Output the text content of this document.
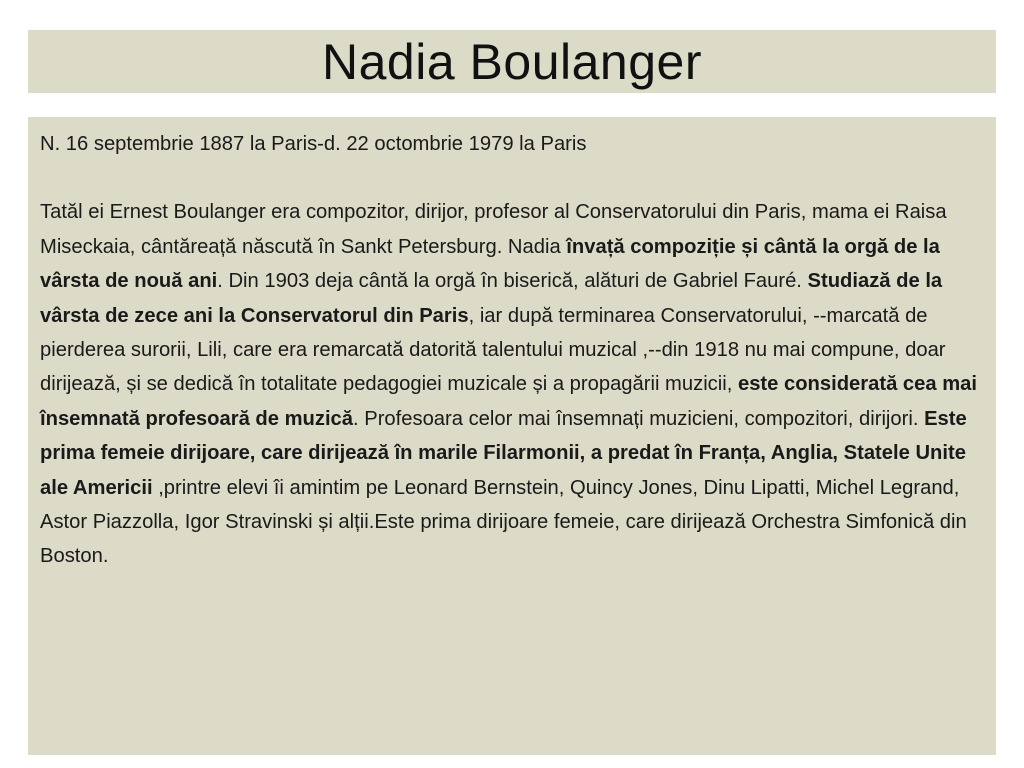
Nadia Boulanger

N. 16 septembrie 1887 la Paris-d. 22 octombrie 1979 la Paris

Tatăl ei Ernest Boulanger era compozitor, dirijor, profesor al Conservatorului din Paris, mama ei Raisa Miseckaia, cântăreață născută în Sankt Petersburg. Nadia învață compoziție și cântă la orgă de la vârsta de nouă ani. Din 1903 deja cântă la orgă în biserică, alături de Gabriel Fauré. Studiază de la vârsta de zece ani la Conservatorul din Paris, iar după terminarea Conservatorului, --marcată de pierderea surorii, Lili, care era remarcată datorită talentului muzical ,--din 1918 nu mai compune, doar dirijează, și se dedică în totalitate pedagogiei muzicale și a propagării muzicii, este considerată cea mai însemnată profesoară de muzică. Profesoara celor mai însemnați muzicieni, compozitori, dirijori. Este prima femeie dirijoare, care dirijează în marile Filarmonii, a predat în Franța, Anglia, Statele Unite ale Americii ,printre elevi îi amintim pe Leonard Bernstein, Quincy Jones, Dinu Lipatti, Michel Legrand, Astor Piazzolla, Igor Stravinski și alții.Este prima dirijoare femeie, care dirijează Orchestra Simfonică din Boston.
